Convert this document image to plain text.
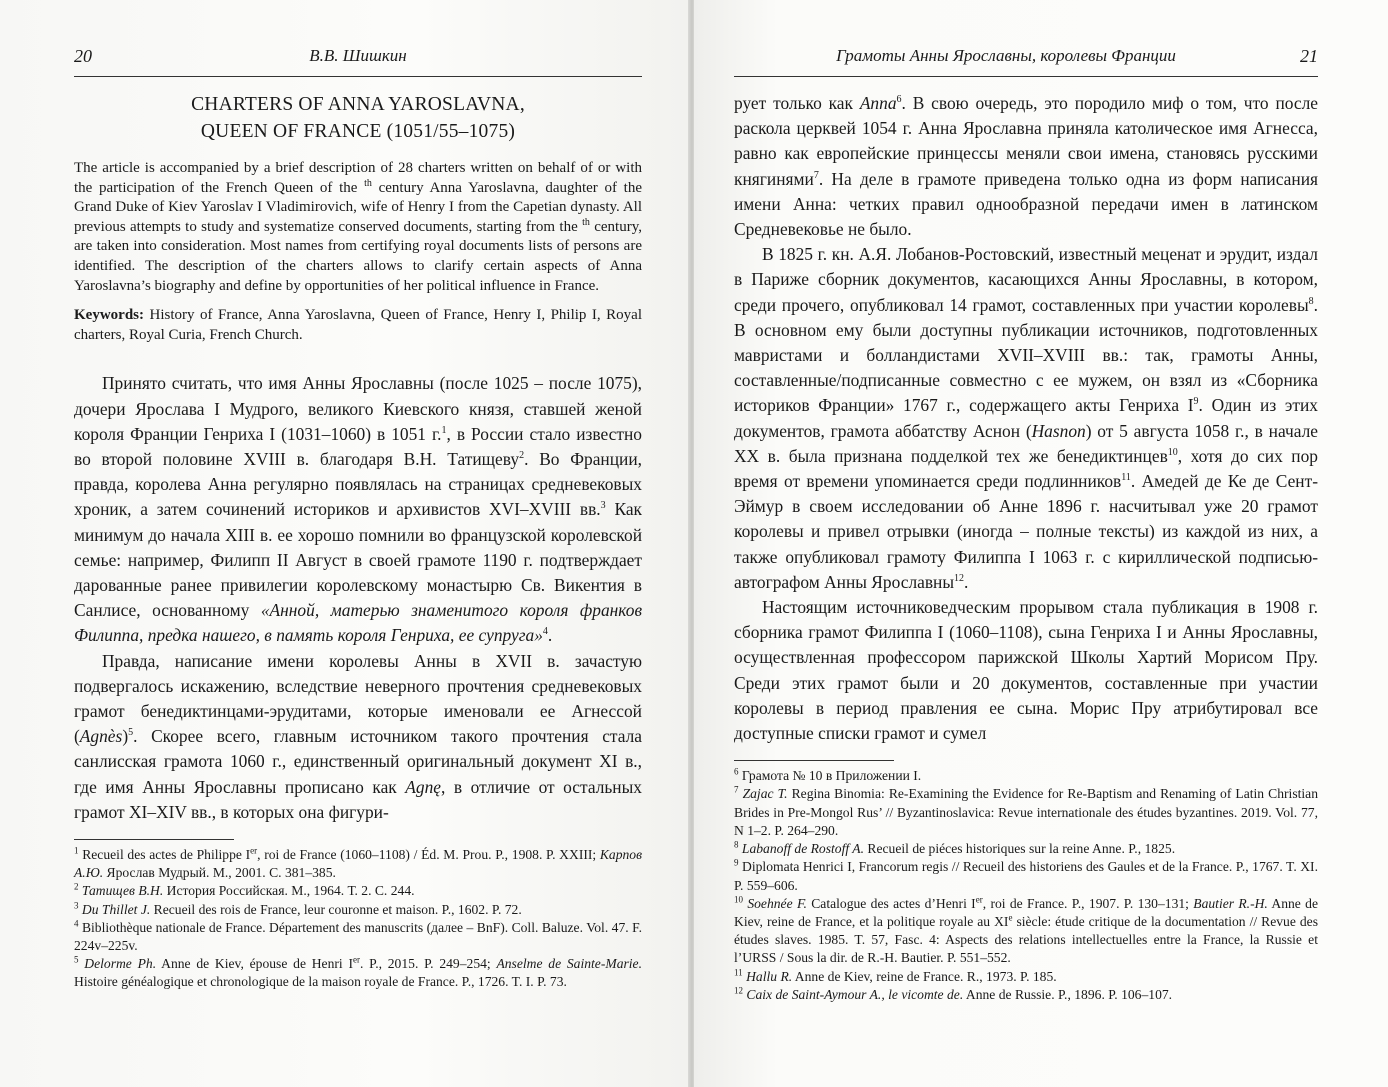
20	В.В. Шишкин
CHARTERS OF ANNA YAROSLAVNA,
QUEEN OF FRANCE (1051/55–1075)

The article is accompanied by a brief description of 28 charters written on behalf of or with the participation of the French Queen of the $^{th}$ century Anna Yaroslavna, daughter of the Grand Duke of Kiev Yaroslav I Vladimirovich, wife of Henry I from the Capetian dynasty. All previous attempts to study and systematize conserved documents, starting from the $^{th}$ century, are taken into consideration. Most names from certifying royal documents lists of persons are identified. The description of the charters allows to clarify certain aspects of Anna Yaroslavna’s biography and define by opportunities of her political influence in France.

Keywords: History of France, Anna Yaroslavna, Queen of France, Henry I, Philip I, Royal charters, Royal Curia, French Church.

Принято считать, что имя Анны Ярославны (после 1025 – после 1075), дочери Ярослава I Мудрого, великого Киевского князя, ставшей женой короля Франции Генриха I (1031–1060) в 1051 г.$^1$, в России стало известно во второй половине XVIII в. благодаря В.Н. Татищеву$^2$. Во Франции, правда, королева Анна регулярно появлялась на страницах средневековых хроник, а затем сочинений историков и архивистов XVI–XVIII вв.$^3$ Как минимум до начала XIII в. ее хорошо помнили во французской королевской семье: например, Филипп II Август в своей грамоте 1190 г. подтверждает дарованные ранее привилегии королевскому монастырю Св. Викентия в Санлисе, основанному «Анной, матерью знаменитого короля франков Филиппа, предка нашего, в память короля Генриха, ее супруга»$^4$.

Правда, написание имени королевы Анны в XVII в. зачастую подвергалось искажению, вследствие неверного прочтения средневековых грамот бенедиктинцами-эрудитами, которые именовали ее Агнессой (Agnès)$^5$. Скорее всего, главным источником такого прочтения стала санлисская грамота 1060 г., единственный оригинальный документ XI в., где имя Анны Ярославны прописано как Agnę, в отличие от остальных грамот XI–XIV вв., в которых она фигури-

$^1$ Recueil des actes de Philippe Ier, roi de France (1060–1108) / Éd. M. Prou. P., 1908. P. XXIII; Карпов А.Ю. Ярослав Мудрый. М., 2001. С. 381–385.

$^2$ Татищев В.Н. История Российская. М., 1964. Т. 2. С. 244.

$^3$ Du Thillet J. Recueil des rois de France, leur couronne et maison. P., 1602. P. 72.

$^4$ Bibliothèque nationale de France. Département des manuscrits (далее – BnF). Coll. Baluze. Vol. 47. F. 224v–225v.

$^5$ Delorme Ph. Anne de Kiev, épouse de Henri Ier. P., 2015. P. 249–254; Anselme de Sainte-Marie. Histoire généalogique et chronologique de la maison royale de France. P., 1726. T. I. P. 73.

Грамоты Анны Ярославны, королевы Франции	21

рует только как Anna$^6$. В свою очередь, это породило миф о том, что после раскола церквей 1054 г. Анна Ярославна приняла католическое имя Агнесса, равно как европейские принцессы меняли свои имена, становясь русскими княгинями$^7$. На деле в грамоте приведена только одна из форм написания имени Анна: четких правил однообразной передачи имен в латинском Средневековье не было.

В 1825 г. кн. А.Я. Лобанов-Ростовский, известный меценат и эрудит, издал в Париже сборник документов, касающихся Анны Ярославны, в котором, среди прочего, опубликовал 14 грамот, составленных при участии королевы$^8$. В основном ему были доступны публикации источников, подготовленных мавристами и болландистами XVII–XVIII вв.: так, грамоты Анны, составленные/подписанные совместно с ее мужем, он взял из «Сборника историков Франции» 1767 г., содержащего акты Генриха $I^9$. Один из этих документов, грамота аббатству Аснон (Hasnon) от 5 августа 1058 г., в начале XX в. была признана подделкой тех же бенедиктинцев$^{10}$, хотя до сих пор время от времени упоминается среди подлинников$^{11}$. Амедей де Ке де Сент-Эймур в своем исследовании об Анне 1896 г. насчитывал уже 20 грамот королевы и привел отрывки (иногда – полные тексты) из каждой из них, а также опубликовал грамоту Филиппа I 1063 г. с кириллической подписью-автографом Анны Ярославны$^{12}$.

Настоящим источниковедческим прорывом стала публикация в 1908 г. сборника грамот Филиппа I (1060–1108), сына Генриха I и Анны Ярославны, осуществленная профессором парижской Школы Хартий Морисом Пру. Среди этих грамот были и 20 документов, составленные при участии королевы в период правления ее сына. Морис Пру атрибутировал все доступные списки грамот и сумел

$^6$ Грамота № 10 в Приложении I.

$^7$ Zajac T. Regina Binomia: Re-Examining the Evidence for Re-Baptism and Renaming of Latin Christian Brides in Pre-Mongol Rus’ // Byzantinoslavica: Revue internationale des études byzantines. 2019. Vol. 77, N 1–2. P. 264–290.

$^8$ Labanoff de Rostoff A. Recueil de piéces historiques sur la reine Anne. P., 1825.

$^9$ Diplomata Henrici I, Francorum regis // Recueil des historiens des Gaules et de la France. P., 1767. T. XI. P. 559–606.

$^{10}$ Soehnée F. Catalogue des actes d’Henri Ier, roi de France. P., 1907. P. 130–131; Bautier R.-H. Anne de Kiev, reine de France, et la politique royale au XIe siècle: étude critique de la documentation // Revue des études slaves. 1985. T. 57, Fasc. 4: Aspects des relations intellectuelles entre la France, la Russie et l’URSS / Sous la dir. de R.-H. Bautier. P. 551–552.

$^{11}$ Hallu R. Anne de Kiev, reine de France. R., 1973. P. 185.

$^{12}$ Caix de Saint-Aymour A., le vicomte de. Anne de Russie. P., 1896. P. 106–107.
